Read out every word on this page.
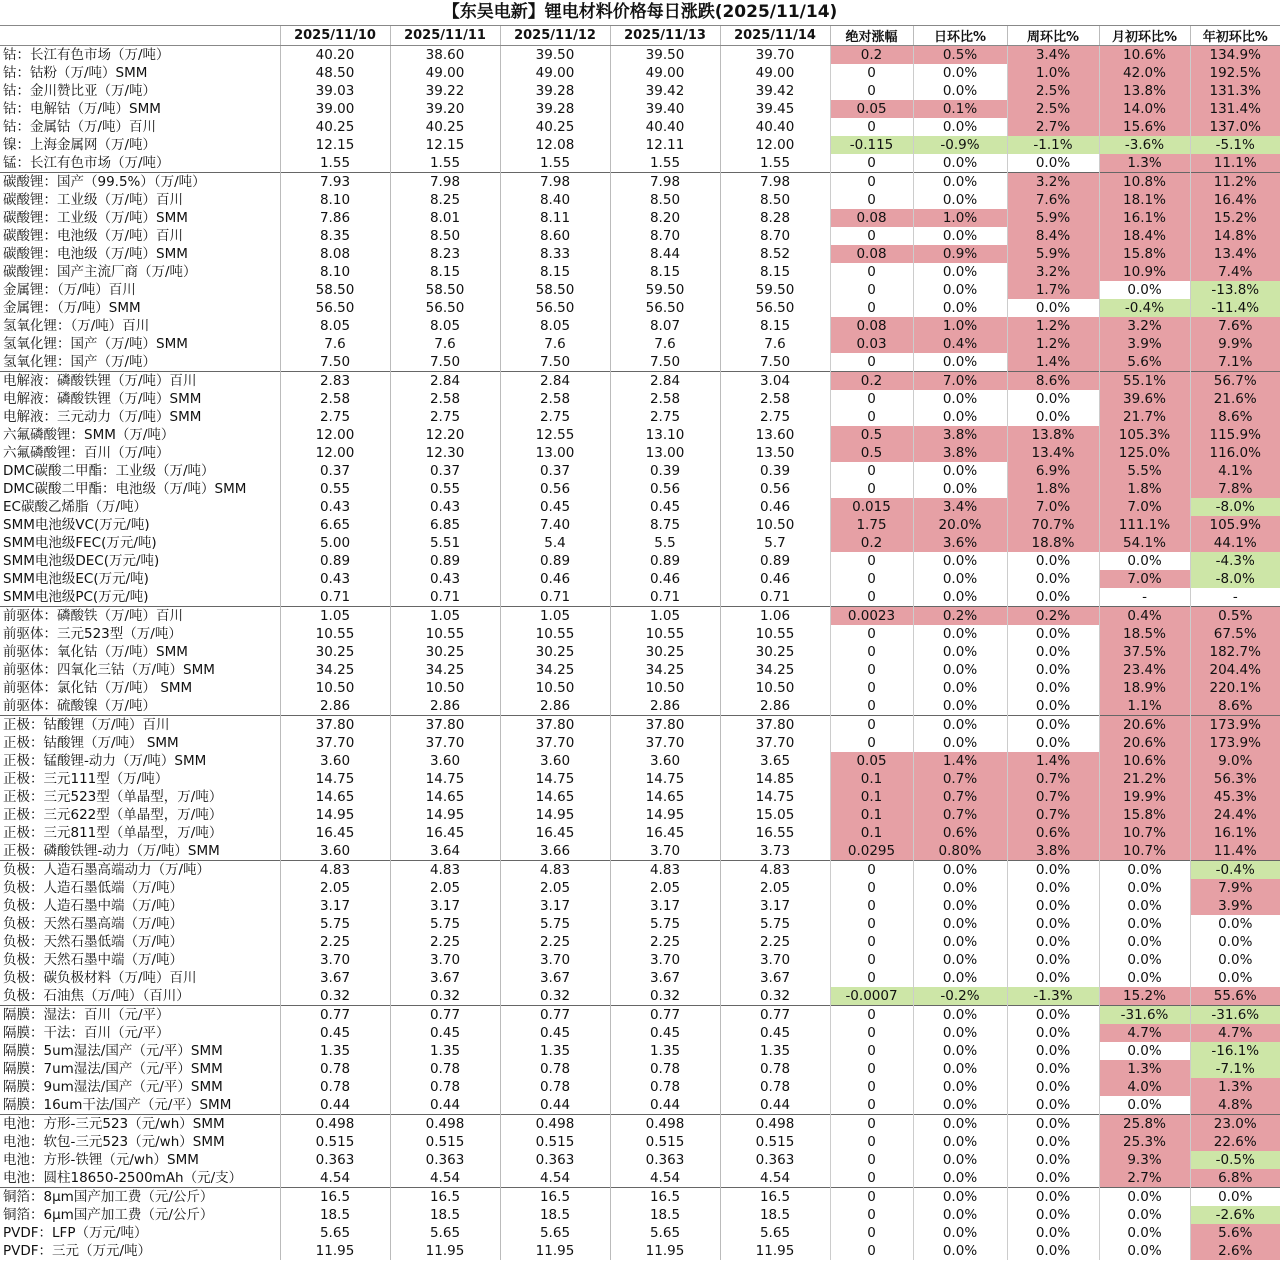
【东吴电新】锂电材料价格每日涨跌(2025/11/14)
	2025/11/10	2025/11/11	2025/11/12	2025/11/13	2025/11/14	绝对涨幅	日环比%	周环比%	月初环比%	年初环比%
钴：长江有色市场（万/吨）	40.20	38.60	39.50	39.50	39.70	0.2	0.5%	3.4%	10.6%	134.9%
钴：钴粉（万/吨）SMM	48.50	49.00	49.00	49.00	49.00	0	0.0%	1.0%	42.0%	192.5%
钴：金川赞比亚（万/吨）	39.03	39.22	39.28	39.42	39.42	0	0.0%	2.5%	13.8%	131.3%
钴：电解钴（万/吨）SMM	39.00	39.20	39.28	39.40	39.45	0.05	0.1%	2.5%	14.0%	131.4%
钴：金属钴（万/吨）百川	40.25	40.25	40.25	40.40	40.40	0	0.0%	2.7%	15.6%	137.0%
镍：上海金属网（万/吨）	12.15	12.15	12.08	12.11	12.00	-0.115	-0.9%	-1.1%	-3.6%	-5.1%
锰：长江有色市场（万/吨）	1.55	1.55	1.55	1.55	1.55	0	0.0%	0.0%	1.3%	11.1%
碳酸锂：国产（99.5%）（万/吨）	7.93	7.98	7.98	7.98	7.98	0	0.0%	3.2%	10.8%	11.2%
碳酸锂：工业级（万/吨）百川	8.10	8.25	8.40	8.50	8.50	0	0.0%	7.6%	18.1%	16.4%
碳酸锂：工业级（万/吨）SMM	7.86	8.01	8.11	8.20	8.28	0.08	1.0%	5.9%	16.1%	15.2%
碳酸锂：电池级（万/吨）百川	8.35	8.50	8.60	8.70	8.70	0	0.0%	8.4%	18.4%	14.8%
碳酸锂：电池级（万/吨）SMM	8.08	8.23	8.33	8.44	8.52	0.08	0.9%	5.9%	15.8%	13.4%
碳酸锂：国产主流厂商（万/吨）	8.10	8.15	8.15	8.15	8.15	0	0.0%	3.2%	10.9%	7.4%
金属锂：（万/吨）百川	58.50	58.50	58.50	59.50	59.50	0	0.0%	1.7%	0.0%	-13.8%
金属锂：（万/吨）SMM	56.50	56.50	56.50	56.50	56.50	0	0.0%	0.0%	-0.4%	-11.4%
氢氧化锂：（万/吨）百川	8.05	8.05	8.05	8.07	8.15	0.08	1.0%	1.2%	3.2%	7.6%
氢氧化锂：国产（万/吨）SMM	7.6	7.6	7.6	7.6	7.6	0.03	0.4%	1.2%	3.9%	9.9%
氢氧化锂：国产（万/吨）	7.50	7.50	7.50	7.50	7.50	0	0.0%	1.4%	5.6%	7.1%
电解液：磷酸铁锂（万/吨）百川	2.83	2.84	2.84	2.84	3.04	0.2	7.0%	8.6%	55.1%	56.7%
电解液：磷酸铁锂（万/吨）SMM	2.58	2.58	2.58	2.58	2.58	0	0.0%	0.0%	39.6%	21.6%
电解液：三元动力（万/吨）SMM	2.75	2.75	2.75	2.75	2.75	0	0.0%	0.0%	21.7%	8.6%
六氟磷酸锂：SMM（万/吨）	12.00	12.20	12.55	13.10	13.60	0.5	3.8%	13.8%	105.3%	115.9%
六氟磷酸锂：百川（万/吨）	12.00	12.30	13.00	13.00	13.50	0.5	3.8%	13.4%	125.0%	116.0%
DMC碳酸二甲酯：工业级（万/吨）	0.37	0.37	0.37	0.39	0.39	0	0.0%	6.9%	5.5%	4.1%
DMC碳酸二甲酯：电池级（万/吨）SMM	0.55	0.55	0.56	0.56	0.56	0	0.0%	1.8%	1.8%	7.8%
EC碳酸乙烯脂（万/吨）	0.43	0.43	0.45	0.45	0.46	0.015	3.4%	7.0%	7.0%	-8.0%
SMM电池级VC(万元/吨)	6.65	6.85	7.40	8.75	10.50	1.75	20.0%	70.7%	111.1%	105.9%
SMM电池级FEC(万元/吨)	5.00	5.51	5.4	5.5	5.7	0.2	3.6%	18.8%	54.1%	44.1%
SMM电池级DEC(万元/吨)	0.89	0.89	0.89	0.89	0.89	0	0.0%	0.0%	0.0%	-4.3%
SMM电池级EC(万元/吨)	0.43	0.43	0.46	0.46	0.46	0	0.0%	0.0%	7.0%	-8.0%
SMM电池级PC(万元/吨)	0.71	0.71	0.71	0.71	0.71	0	0.0%	0.0%	-	-
前驱体：磷酸铁（万/吨）百川	1.05	1.05	1.05	1.05	1.06	0.0023	0.2%	0.2%	0.4%	0.5%
前驱体：三元523型（万/吨）	10.55	10.55	10.55	10.55	10.55	0	0.0%	0.0%	18.5%	67.5%
前驱体：氧化钴（万/吨）SMM	30.25	30.25	30.25	30.25	30.25	0	0.0%	0.0%	37.5%	182.7%
前驱体：四氧化三钴（万/吨）SMM	34.25	34.25	34.25	34.25	34.25	0	0.0%	0.0%	23.4%	204.4%
前驱体：氯化钴（万/吨） SMM	10.50	10.50	10.50	10.50	10.50	0	0.0%	0.0%	18.9%	220.1%
前驱体：硫酸镍（万/吨）	2.86	2.86	2.86	2.86	2.86	0	0.0%	0.0%	1.1%	8.6%
正极：钴酸锂（万/吨）百川	37.80	37.80	37.80	37.80	37.80	0	0.0%	0.0%	20.6%	173.9%
正极：钴酸锂（万/吨） SMM	37.70	37.70	37.70	37.70	37.70	0	0.0%	0.0%	20.6%	173.9%
正极：锰酸锂-动力（万/吨）SMM	3.60	3.60	3.60	3.60	3.65	0.05	1.4%	1.4%	10.6%	9.0%
正极：三元111型（万/吨）	14.75	14.75	14.75	14.75	14.85	0.1	0.7%	0.7%	21.2%	56.3%
正极：三元523型（单晶型，万/吨）	14.65	14.65	14.65	14.65	14.75	0.1	0.7%	0.7%	19.9%	45.3%
正极：三元622型（单晶型，万/吨）	14.95	14.95	14.95	14.95	15.05	0.1	0.7%	0.7%	15.8%	24.4%
正极：三元811型（单晶型，万/吨）	16.45	16.45	16.45	16.45	16.55	0.1	0.6%	0.6%	10.7%	16.1%
正极：磷酸铁锂-动力（万/吨）SMM	3.60	3.64	3.66	3.70	3.73	0.0295	0.80%	3.8%	10.7%	11.4%
负极：人造石墨高端动力（万/吨）	4.83	4.83	4.83	4.83	4.83	0	0.0%	0.0%	0.0%	-0.4%
负极：人造石墨低端（万/吨）	2.05	2.05	2.05	2.05	2.05	0	0.0%	0.0%	0.0%	7.9%
负极：人造石墨中端（万/吨）	3.17	3.17	3.17	3.17	3.17	0	0.0%	0.0%	0.0%	3.9%
负极：天然石墨高端（万/吨）	5.75	5.75	5.75	5.75	5.75	0	0.0%	0.0%	0.0%	0.0%
负极：天然石墨低端（万/吨）	2.25	2.25	2.25	2.25	2.25	0	0.0%	0.0%	0.0%	0.0%
负极：天然石墨中端（万/吨）	3.70	3.70	3.70	3.70	3.70	0	0.0%	0.0%	0.0%	0.0%
负极：碳负极材料（万/吨）百川	3.67	3.67	3.67	3.67	3.67	0	0.0%	0.0%	0.0%	0.0%
负极：石油焦（万/吨）（百川）	0.32	0.32	0.32	0.32	0.32	-0.0007	-0.2%	-1.3%	15.2%	55.6%
隔膜：湿法：百川（元/平）	0.77	0.77	0.77	0.77	0.77	0	0.0%	0.0%	-31.6%	-31.6%
隔膜：干法：百川（元/平）	0.45	0.45	0.45	0.45	0.45	0	0.0%	0.0%	4.7%	4.7%
隔膜：5um湿法/国产（元/平）SMM	1.35	1.35	1.35	1.35	1.35	0	0.0%	0.0%	0.0%	-16.1%
隔膜：7um湿法/国产（元/平）SMM	0.78	0.78	0.78	0.78	0.78	0	0.0%	0.0%	1.3%	-7.1%
隔膜：9um湿法/国产（元/平）SMM	0.78	0.78	0.78	0.78	0.78	0	0.0%	0.0%	4.0%	1.3%
隔膜：16um干法/国产（元/平）SMM	0.44	0.44	0.44	0.44	0.44	0	0.0%	0.0%	0.0%	4.8%
电池：方形-三元523（元/wh）SMM	0.498	0.498	0.498	0.498	0.498	0	0.0%	0.0%	25.8%	23.0%
电池：软包-三元523（元/wh）SMM	0.515	0.515	0.515	0.515	0.515	0	0.0%	0.0%	25.3%	22.6%
电池：方形-铁锂（元/wh）SMM	0.363	0.363	0.363	0.363	0.363	0	0.0%	0.0%	9.3%	-0.5%
电池：圆柱18650-2500mAh（元/支）	4.54	4.54	4.54	4.54	4.54	0	0.0%	0.0%	2.7%	6.8%
铜箔：8μm国产加工费（元/公斤）	16.5	16.5	16.5	16.5	16.5	0	0.0%	0.0%	0.0%	0.0%
铜箔：6μm国产加工费（元/公斤）	18.5	18.5	18.5	18.5	18.5	0	0.0%	0.0%	0.0%	-2.6%
PVDF：LFP（万元/吨）	5.65	5.65	5.65	5.65	5.65	0	0.0%	0.0%	0.0%	5.6%
PVDF：三元（万元/吨）	11.95	11.95	11.95	11.95	11.95	0	0.0%	0.0%	0.0%	2.6%
